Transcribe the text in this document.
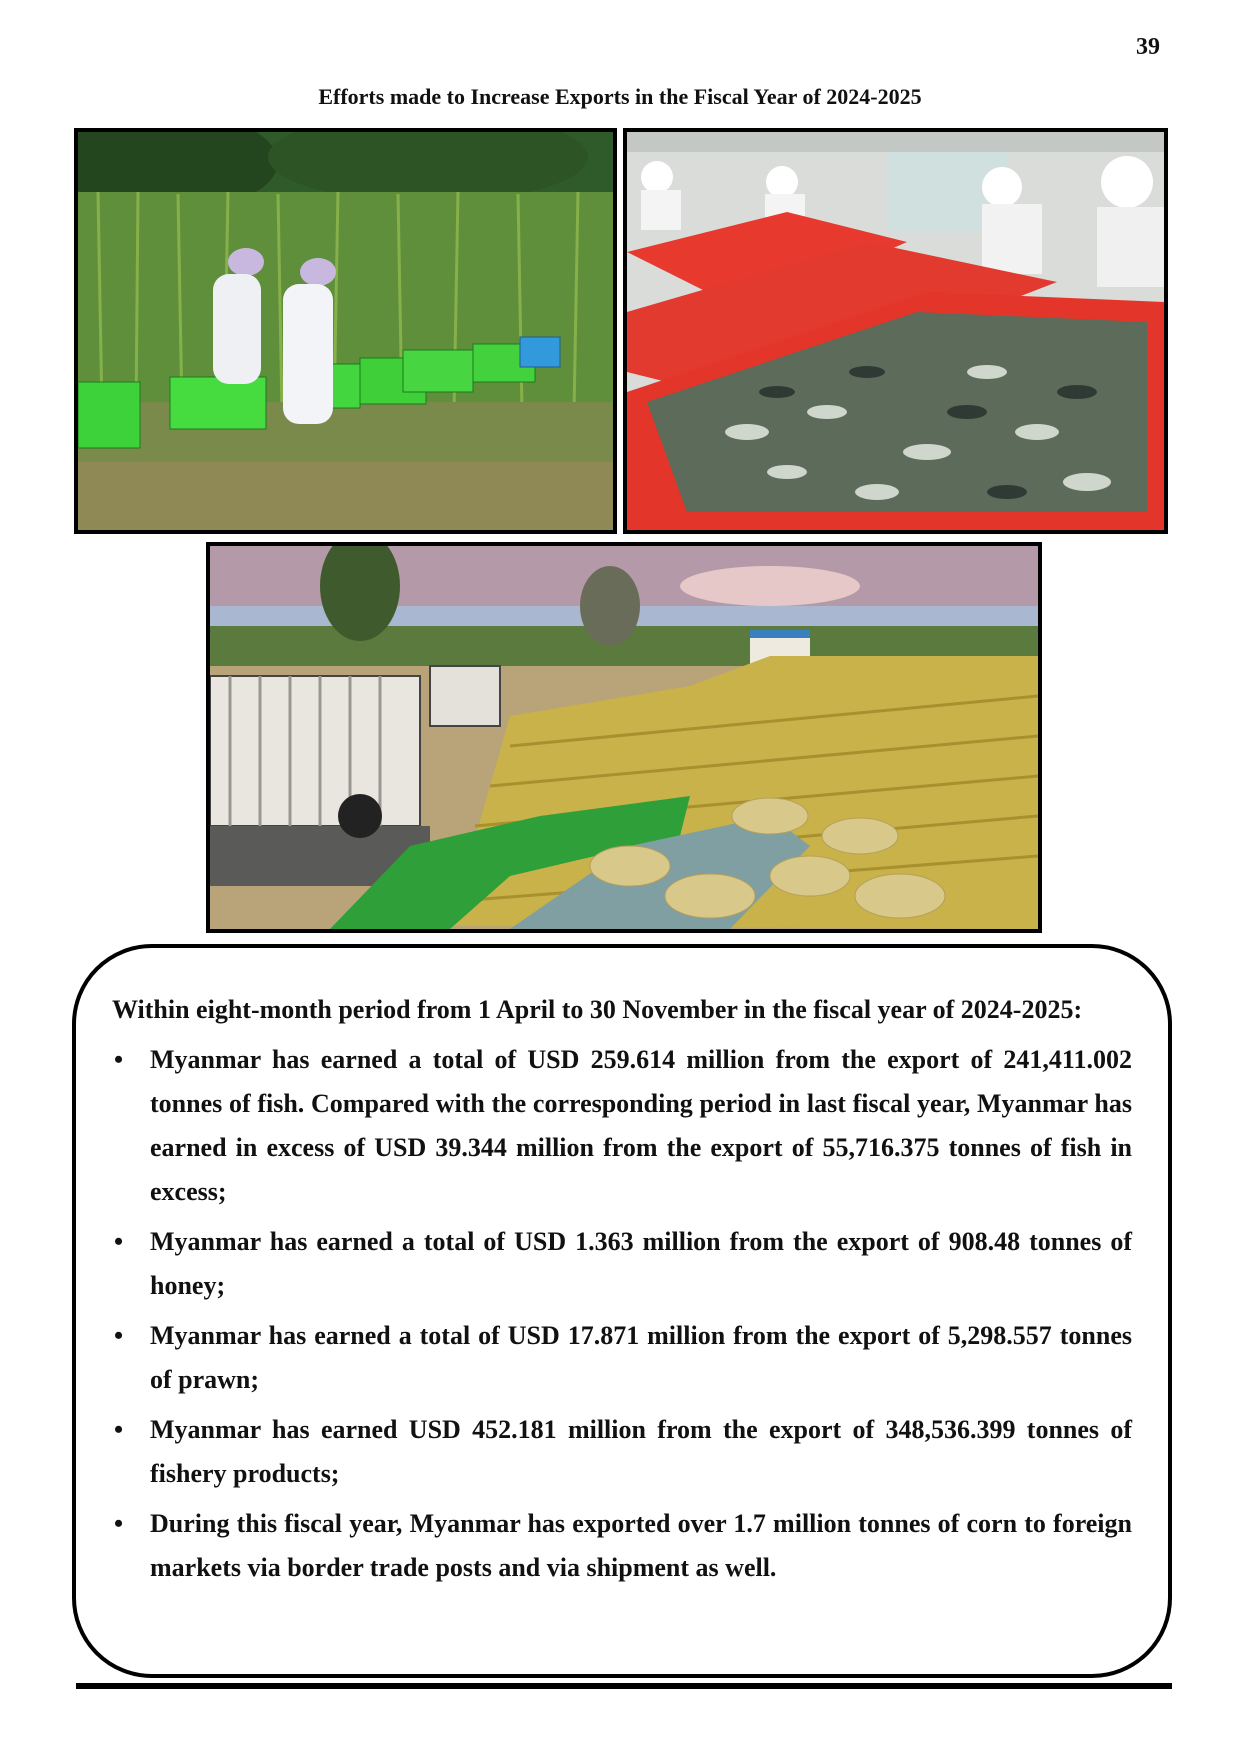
39
Efforts made to Increase Exports in the Fiscal Year of 2024-2025

Within eight-month period from 1 April to 30 November in the fiscal year of 2024-2025:

• Myanmar has earned a total of USD 259.614 million from the export of 241,411.002 tonnes of fish. Compared with the corresponding period in last fiscal year, Myanmar has earned in excess of USD 39.344 million from the export of 55,716.375 tonnes of fish in excess;
• Myanmar has earned a total of USD 1.363 million from the export of 908.48 tonnes of honey;
• Myanmar has earned a total of USD 17.871 million from the export of 5,298.557 tonnes of prawn;
• Myanmar has earned USD 452.181 million from the export of 348,536.399 tonnes of fishery products;
• During this fiscal year, Myanmar has exported over 1.7 million tonnes of corn to foreign markets via border trade posts and via shipment as well.
